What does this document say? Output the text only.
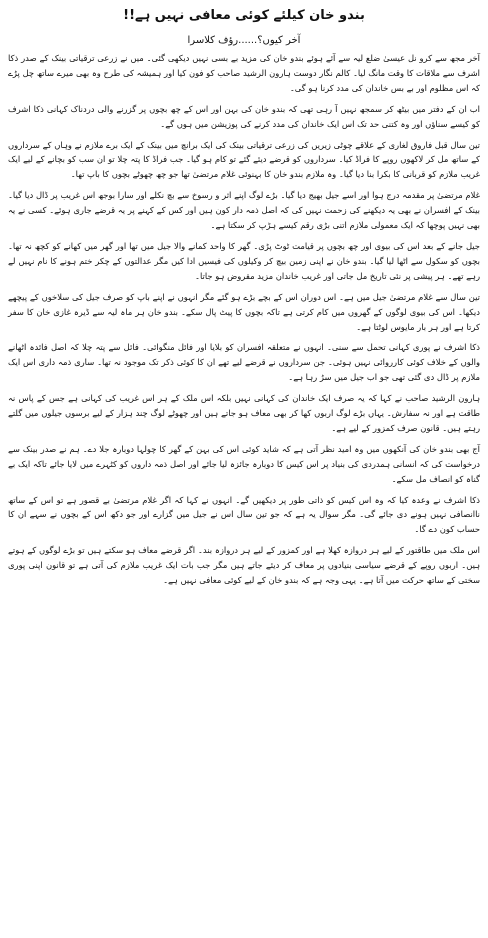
بندو خان کیلئے کوئی معافی نہیں ہے!!
آخر کیوں؟......رؤف کلاسرا

آخر مجھ سے کرو نل عیسیٰ ضلع لیہ سے آئے ہوئے بندو خان کی مزید بے بسی نہیں دیکھی گئی۔ میں نے زرعی ترقیاتی بینک کے صدر ذکا اشرف سے ملاقات کا وقت مانگ لیا۔ کالم نگار دوست ہارون الرشید صاحب کو فون کیا اور ہمیشہ کی طرح وہ بھی میرے ساتھ چل پڑے کہ اس مظلوم اور بے بس خاندان کی مدد کرنا ہو گی۔

اب ان کے دفتر میں بیٹھ کر سمجھ نہیں آ رہی تھی کہ بندو خان کی بہن اور اس کے چھ بچوں پر گزرنے والی دردناک کہانی ذکا اشرف کو کیسے سناؤں اور وہ کتنی حد تک اس ایک خاندان کی مدد کرنے کی پوزیشن میں ہوں گے۔

تین سال قبل فاروق لغاری کے علاقے چوٹی زیریں کی زرعی ترقیاتی بینک کی ایک برانچ میں بینک کے ایک برے ملازم نے وہاں کے سرداروں کے ساتھ مل کر لاکھوں روپے کا فراڈ کیا۔ سرداروں کو قرضے دیئے گئے تو کام ہو گیا۔ جب فراڈ کا پتہ چلا تو ان سب کو بچانے کے لیے ایک غریب ملازم کو قربانی کا بکرا بنا دیا گیا۔ وہ ملازم بندو خان کا بہنوئی غلام مرتضیٰ تھا جو چھ چھوٹے بچوں کا باپ تھا۔

غلام مرتضیٰ پر مقدمہ درج ہوا اور اسے جیل بھیج دیا گیا۔ بڑے لوگ اپنے اثر و رسوخ سے بچ نکلے اور سارا بوجھ اس غریب پر ڈال دیا گیا۔ بینک کے افسران نے بھی یہ دیکھنے کی زحمت نہیں کی کہ اصل ذمہ دار کون ہیں اور کس کے کہنے پر یہ قرضے جاری ہوئے۔ کسی نے یہ بھی نہیں پوچھا کہ ایک معمولی ملازم اتنی بڑی رقم کیسے ہڑپ کر سکتا ہے۔

جیل جانے کے بعد اس کی بیوی اور چھ بچوں پر قیامت ٹوٹ پڑی۔ گھر کا واحد کمانے والا جیل میں تھا اور گھر میں کھانے کو کچھ نہ تھا۔ بچوں کو سکول سے اٹھا لیا گیا۔ بندو خان نے اپنی زمین بیچ کر وکیلوں کی فیسیں ادا کیں مگر عدالتوں کے چکر ختم ہونے کا نام نہیں لے رہے تھے۔ ہر پیشی پر نئی تاریخ مل جاتی اور غریب خاندان مزید مقروض ہو جاتا۔

تین سال سے غلام مرتضیٰ جیل میں ہے۔ اس دوران اس کے بچے بڑے ہو گئے مگر انہوں نے اپنے باپ کو صرف جیل کی سلاخوں کے پیچھے دیکھا۔ اس کی بیوی لوگوں کے گھروں میں کام کرتی ہے تاکہ بچوں کا پیٹ پال سکے۔ بندو خان ہر ماہ لیہ سے ڈیرہ غازی خان کا سفر کرتا ہے اور ہر بار مایوس لوٹتا ہے۔

ذکا اشرف نے پوری کہانی تحمل سے سنی۔ انہوں نے متعلقہ افسران کو بلایا اور فائل منگوائی۔ فائل سے پتہ چلا کہ اصل فائدہ اٹھانے والوں کے خلاف کوئی کارروائی نہیں ہوئی۔ جن سرداروں نے قرضے لیے تھے ان کا کوئی ذکر تک موجود نہ تھا۔ ساری ذمہ داری اس ایک ملازم پر ڈال دی گئی تھی جو اب جیل میں سڑ رہا ہے۔

ہارون الرشید صاحب نے کہا کہ یہ صرف ایک خاندان کی کہانی نہیں بلکہ اس ملک کے ہر اس غریب کی کہانی ہے جس کے پاس نہ طاقت ہے اور نہ سفارش۔ یہاں بڑے لوگ اربوں کھا کر بھی معاف ہو جاتے ہیں اور چھوٹے لوگ چند ہزار کے لیے برسوں جیلوں میں گلتے رہتے ہیں۔ قانون صرف کمزور کے لیے ہے۔

آج بھی بندو خان کی آنکھوں میں وہ امید نظر آتی ہے کہ شاید کوئی اس کی بہن کے گھر کا چولہا دوبارہ جلا دے۔ ہم نے صدر بینک سے درخواست کی کہ انسانی ہمدردی کی بنیاد پر اس کیس کا دوبارہ جائزہ لیا جائے اور اصل ذمہ داروں کو کٹہرے میں لایا جائے تاکہ ایک بے گناہ کو انصاف مل سکے۔

ذکا اشرف نے وعدہ کیا کہ وہ اس کیس کو ذاتی طور پر دیکھیں گے۔ انہوں نے کہا کہ اگر غلام مرتضیٰ بے قصور ہے تو اس کے ساتھ ناانصافی نہیں ہونے دی جائے گی۔ مگر سوال یہ ہے کہ جو تین سال اس نے جیل میں گزارے اور جو دکھ اس کے بچوں نے سہے ان کا حساب کون دے گا۔

اس ملک میں طاقتور کے لیے ہر دروازہ کھلا ہے اور کمزور کے لیے ہر دروازہ بند۔ اگر قرضے معاف ہو سکتے ہیں تو بڑے لوگوں کے ہوتے ہیں۔ اربوں روپے کے قرضے سیاسی بنیادوں پر معاف کر دیئے جاتے ہیں مگر جب بات ایک غریب ملازم کی آتی ہے تو قانون اپنی پوری سختی کے ساتھ حرکت میں آتا ہے۔ یہی وجہ ہے کہ بندو خان کے لیے کوئی معافی نہیں ہے۔
